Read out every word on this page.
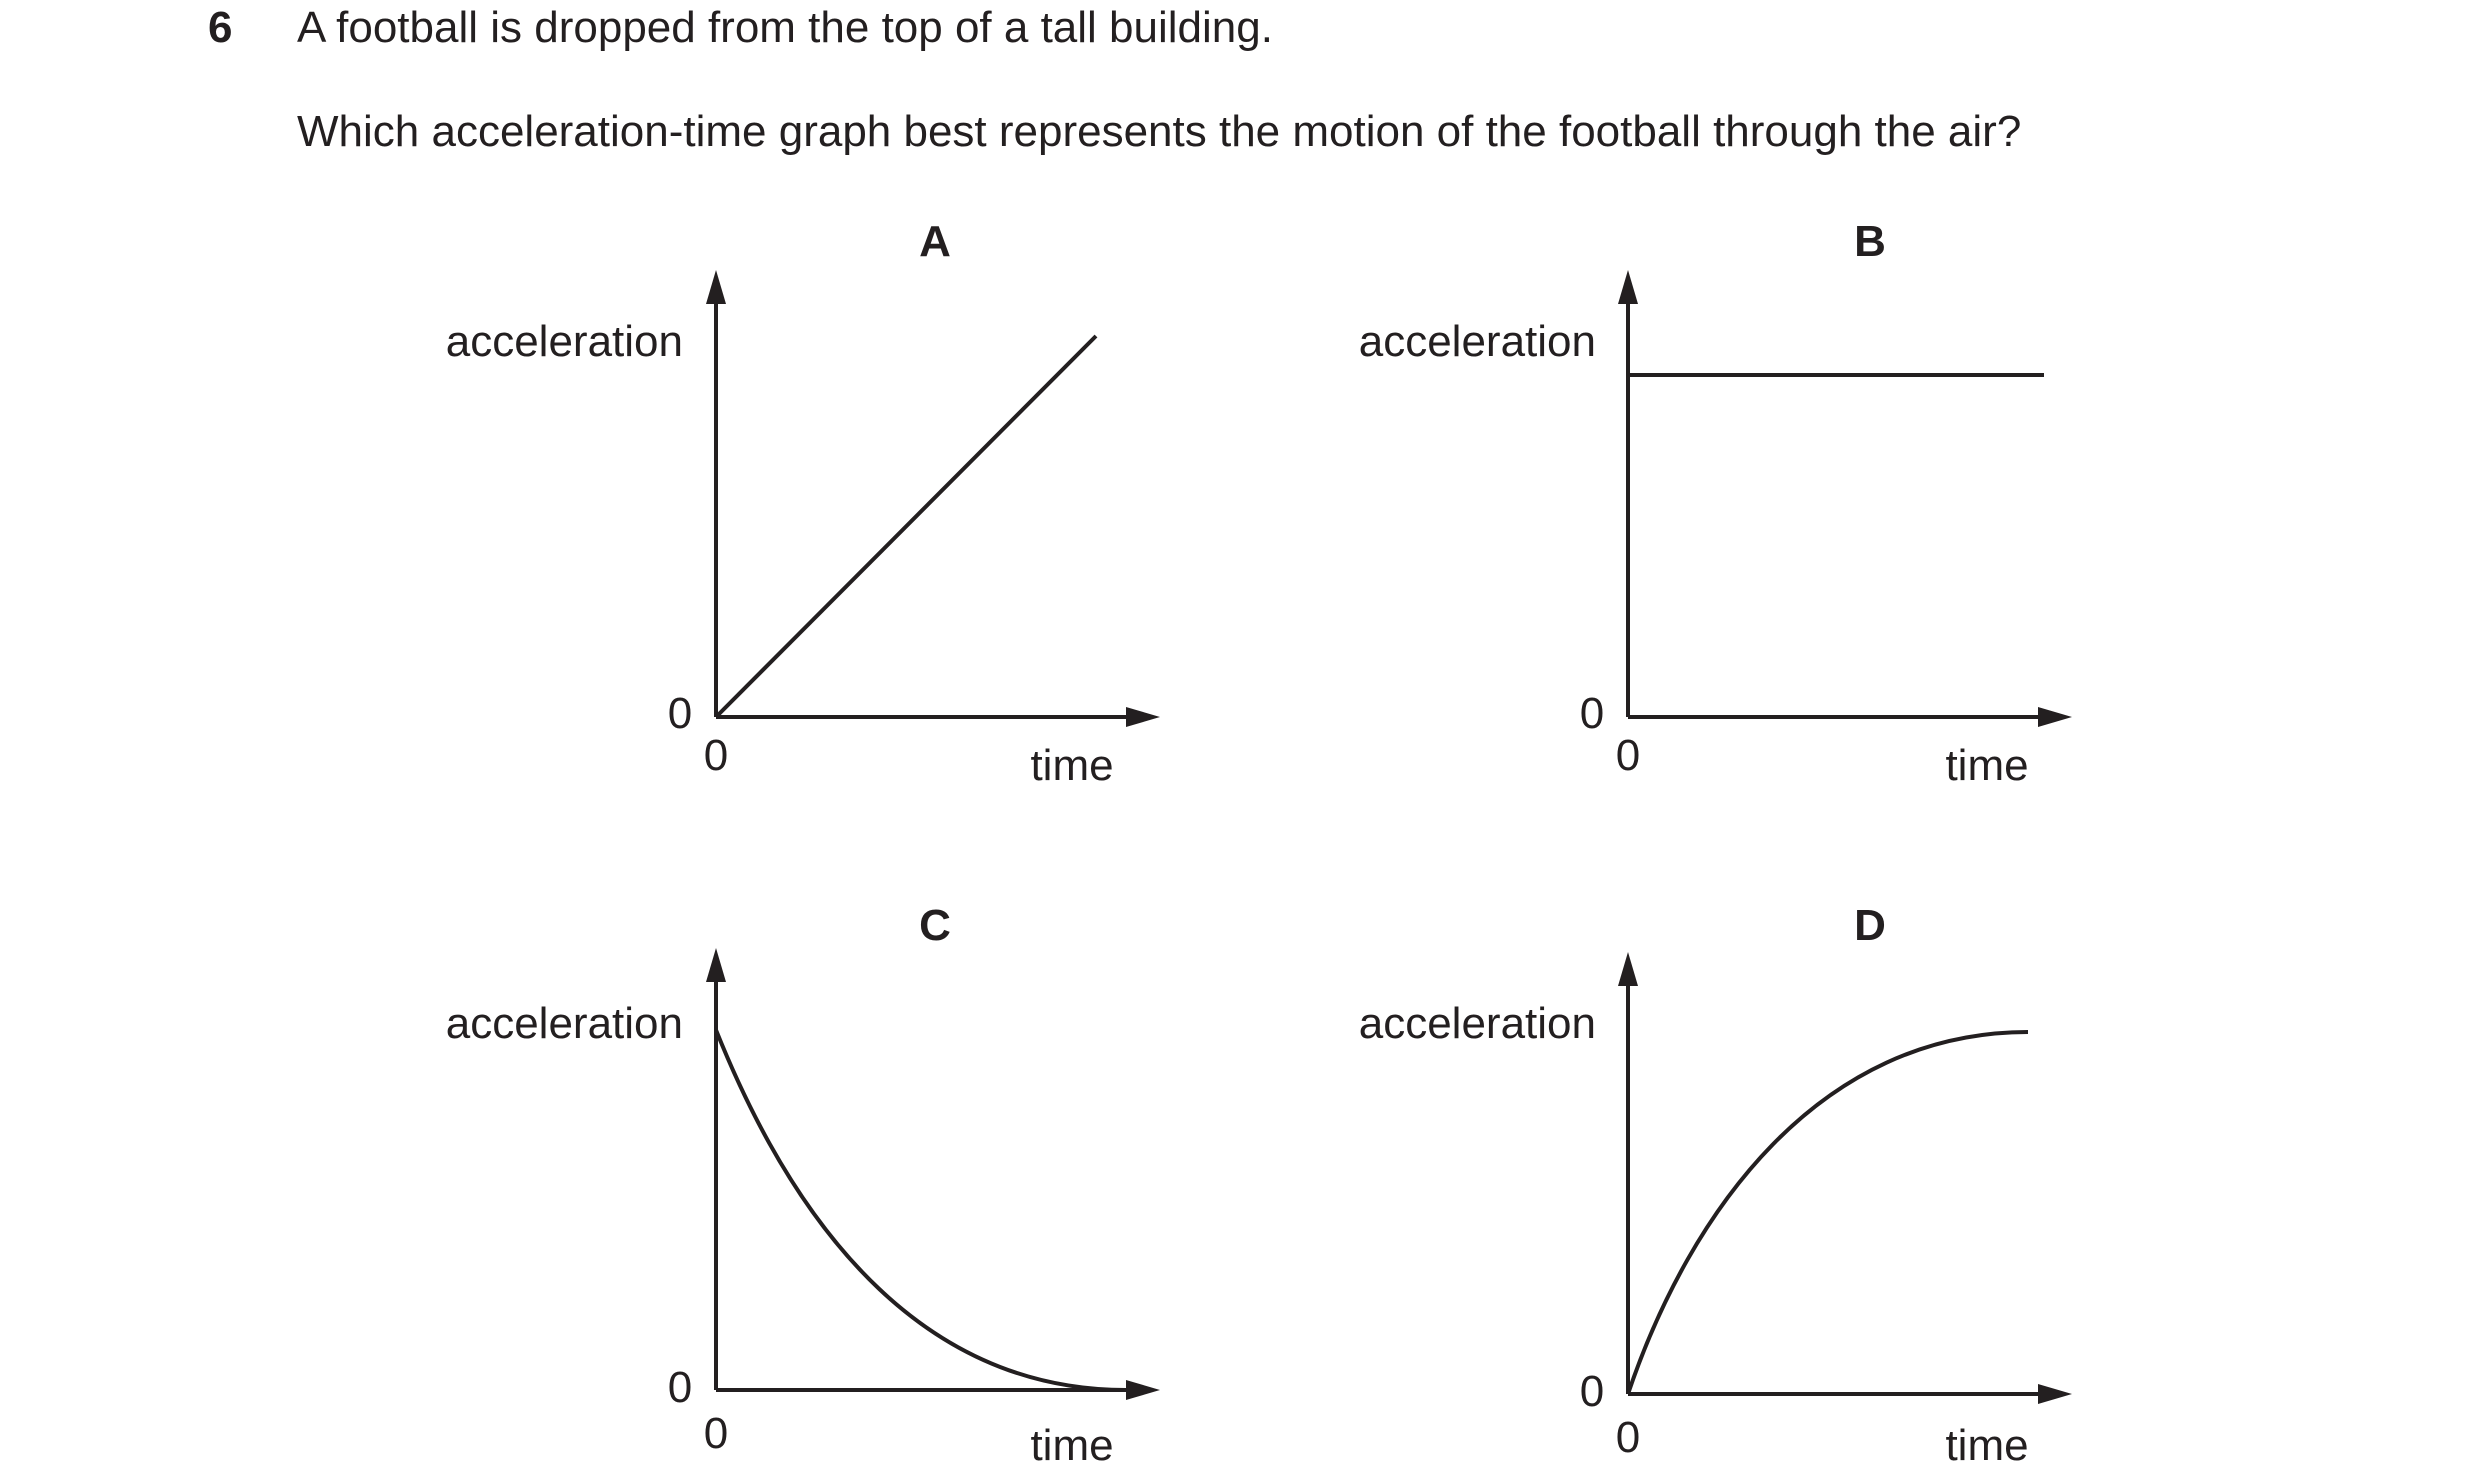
6 A football is dropped from the top of a tall building.
Which acceleration-time graph best represents the motion of the football through the air?
A
acceleration
time
0
0
B
acceleration
time
0
0
C
acceleration
time
0
0
D
acceleration
time
0
0
